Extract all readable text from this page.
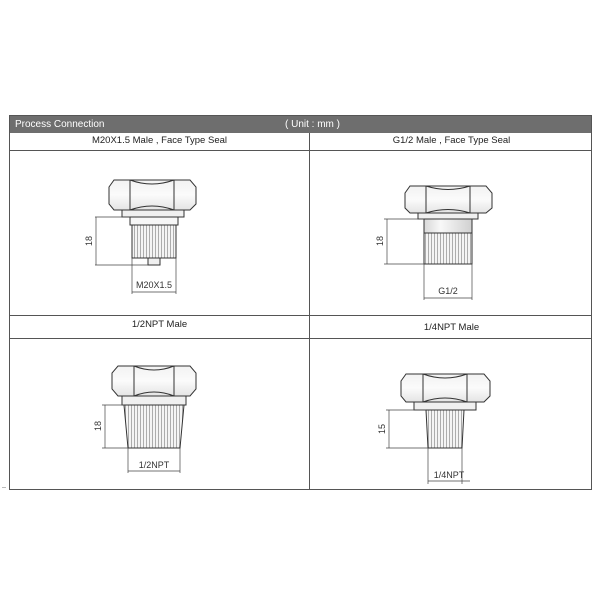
Process Connection	( Unit : mm )
M20X1.5 Male , Face Type Seal	G1/2 Male , Face Type Seal
1/2NPT Male	1/4NPT Male
18
M20X1.5
18
G1/2
18
1/2NPT
15
1/4NPT
